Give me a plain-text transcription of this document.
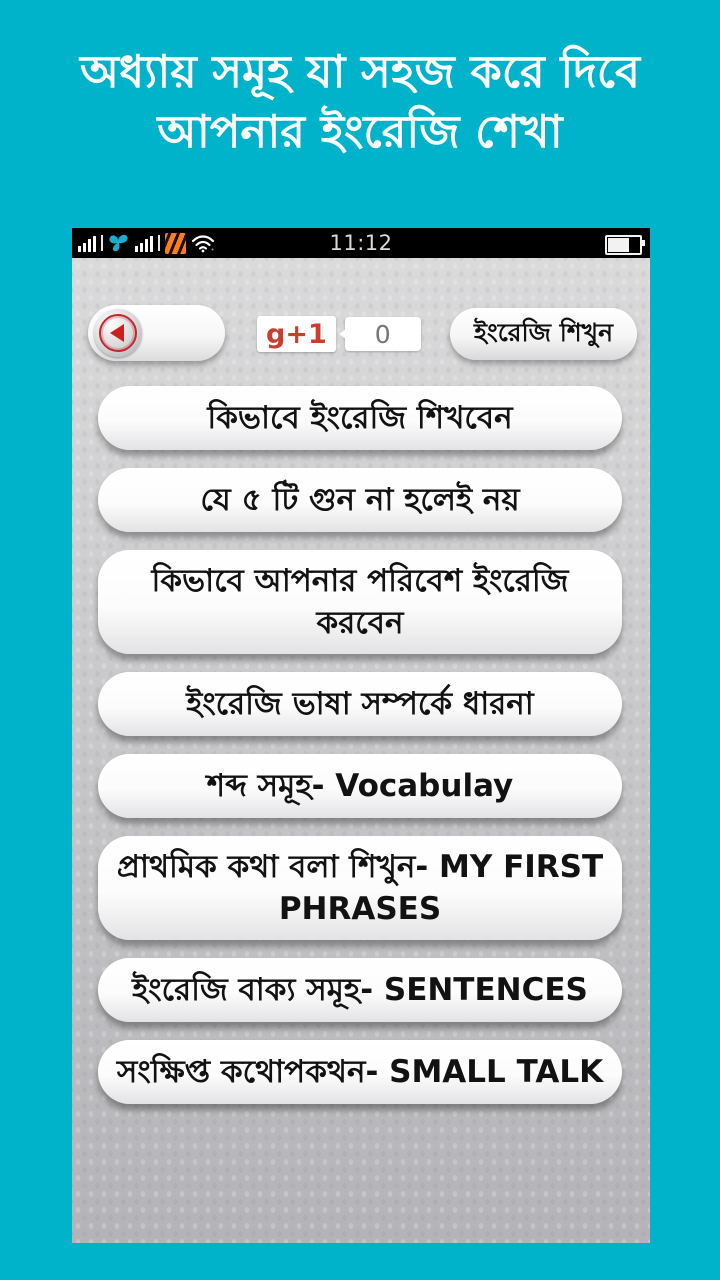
অধ্যায় সমূহ যা সহজ করে দিবে
আপনার ইংরেজি শেখা
11:12
g+1	0	ইংরেজি শিখুন
কিভাবে ইংরেজি শিখবেন
যে ৫ টি গুন না হলেই নয়
কিভাবে আপনার পরিবেশ ইংরেজি করবেন
ইংরেজি ভাষা সম্পর্কে ধারনা
শব্দ সমূহ- Vocabulay
প্রাথমিক কথা বলা শিখুন- MY FIRST PHRASES
ইংরেজি বাক্য সমূহ- SENTENCES
সংক্ষিপ্ত কথোপকথন- SMALL TALK
